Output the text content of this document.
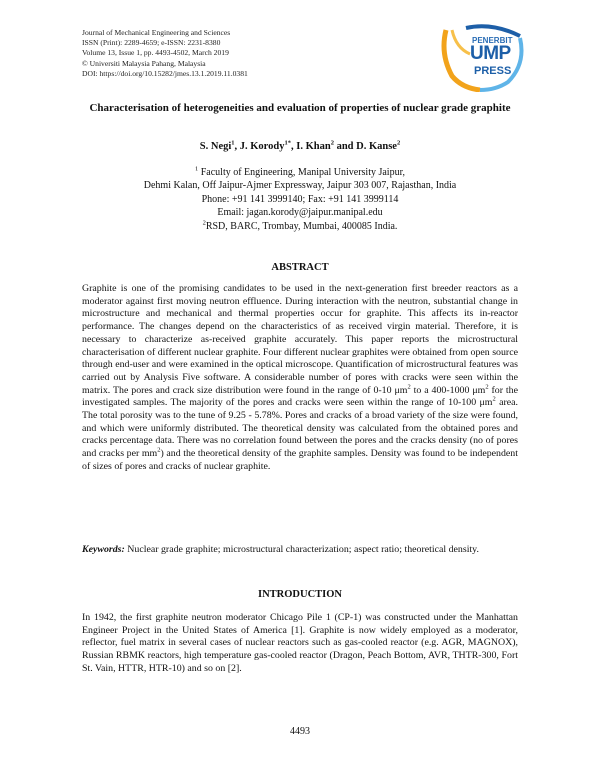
Journal of Mechanical Engineering and Sciences
ISSN (Print): 2289-4659; e-ISSN: 2231-8380
Volume 13, Issue 1, pp. 4493-4502, March 2019
© Universiti Malaysia Pahang, Malaysia
DOI: https://doi.org/10.15282/jmes.13.1.2019.11.0381
PENERBIT
UMP
PRESS
Characterisation of heterogeneities and evaluation of properties of nuclear grade graphite
S. Negi$^1$, J. Korody$^{1*}$, I. Khan$^2$ and D. Kanse$^2$
$^1$ Faculty of Engineering, Manipal University Jaipur,
Dehmi Kalan, Off Jaipur-Ajmer Expressway, Jaipur 303 007, Rajasthan, India
Phone: +91 141 3999140; Fax: +91 141 3999114
Email: jagan.korody@jaipur.manipal.edu
$^2$RSD, BARC, Trombay, Mumbai, 400085 India.
ABSTRACT

Graphite is one of the promising candidates to be used in the next-generation first breeder reactors as a moderator against first moving neutron effluence. During interaction with the neutron, substantial change in microstructure and mechanical and thermal properties occur for graphite. This affects its in-reactor performance. The changes depend on the characteristics of as received virgin material. Therefore, it is necessary to characterize as-received graphite accurately. This paper reports the microstructural characterisation of different nuclear graphite. Four different nuclear graphites were obtained from open source through end-user and were examined in the optical microscope. Quantification of microstructural features was carried out by Analysis Five software. A considerable number of pores with cracks were seen within the matrix. The pores and crack size distribution were found in the range of 0-10 $\mu m^2$ to a 400-1000 $\mu m^2$ for the investigated samples. The majority of the pores and cracks were seen within the range of 10-100 $\mu m^2$ area. The total porosity was to the tune of 9.25 - 5.78%. Pores and cracks of a broad variety of the size were found, and which were uniformly distributed. The theoretical density was calculated from the obtained pores and cracks percentage data. There was no correlation found between the pores and the cracks density (no of pores and cracks per $mm^2$) and the theoretical density of the graphite samples. Density was found to be independent of sizes of pores and cracks of nuclear graphite.

Keywords: Nuclear grade graphite; microstructural characterization; aspect ratio; theoretical density.

INTRODUCTION

In 1942, the first graphite neutron moderator Chicago Pile 1 (CP-1) was constructed under the Manhattan Engineer Project in the United States of America [1]. Graphite is now widely employed as a moderator, reflector, fuel matrix in several cases of nuclear reactors such as gas-cooled reactor (e.g. AGR, MAGNOX), Russian RBMK reactors, high temperature gas-cooled reactor (Dragon, Peach Bottom, AVR, THTR-300, Fort St. Vain, HTTR, HTR-10) and so on [2].

4493
